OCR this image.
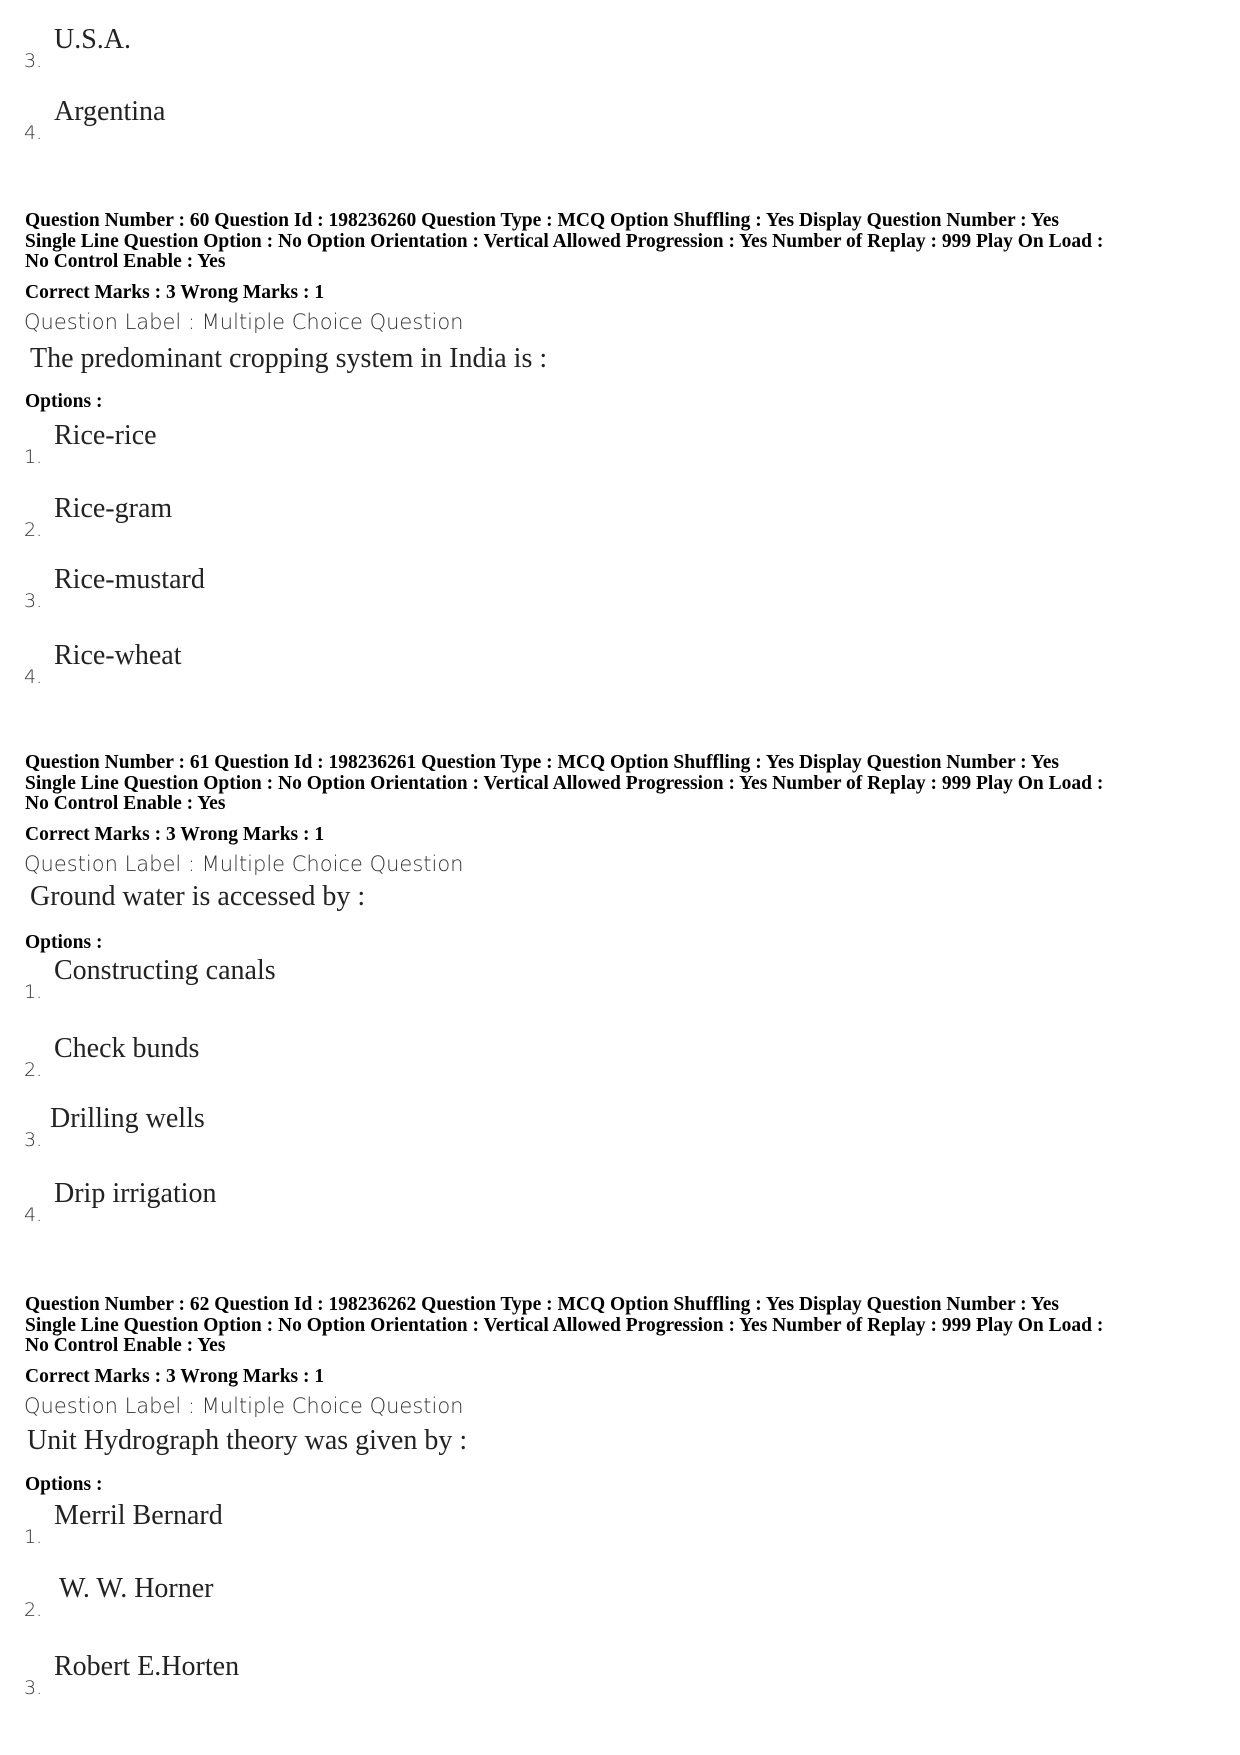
3.
U.S.A.
4.
Argentina
Question Number : 60 Question Id : 198236260 Question Type : MCQ Option Shuffling : Yes Display Question Number : Yes
Single Line Question Option : No Option Orientation : Vertical Allowed Progression : Yes Number of Replay : 999 Play On Load :
No Control Enable : Yes
Correct Marks : 3 Wrong Marks : 1
Question Label : Multiple Choice Question
The predominant cropping system in India is :
Options :
1.
Rice-rice
2.
Rice-gram
3.
Rice-mustard
4.
Rice-wheat
Question Number : 61 Question Id : 198236261 Question Type : MCQ Option Shuffling : Yes Display Question Number : Yes
Single Line Question Option : No Option Orientation : Vertical Allowed Progression : Yes Number of Replay : 999 Play On Load :
No Control Enable : Yes
Correct Marks : 3 Wrong Marks : 1
Question Label : Multiple Choice Question
Ground water is accessed by :
Options :
1.
Constructing canals
2.
Check bunds
3.
Drilling wells
4.
Drip irrigation
Question Number : 62 Question Id : 198236262 Question Type : MCQ Option Shuffling : Yes Display Question Number : Yes
Single Line Question Option : No Option Orientation : Vertical Allowed Progression : Yes Number of Replay : 999 Play On Load :
No Control Enable : Yes
Correct Marks : 3 Wrong Marks : 1
Question Label : Multiple Choice Question
Unit Hydrograph theory was given by :
Options :
1.
Merril Bernard
2.
W. W. Horner
3.
Robert E.Horten
